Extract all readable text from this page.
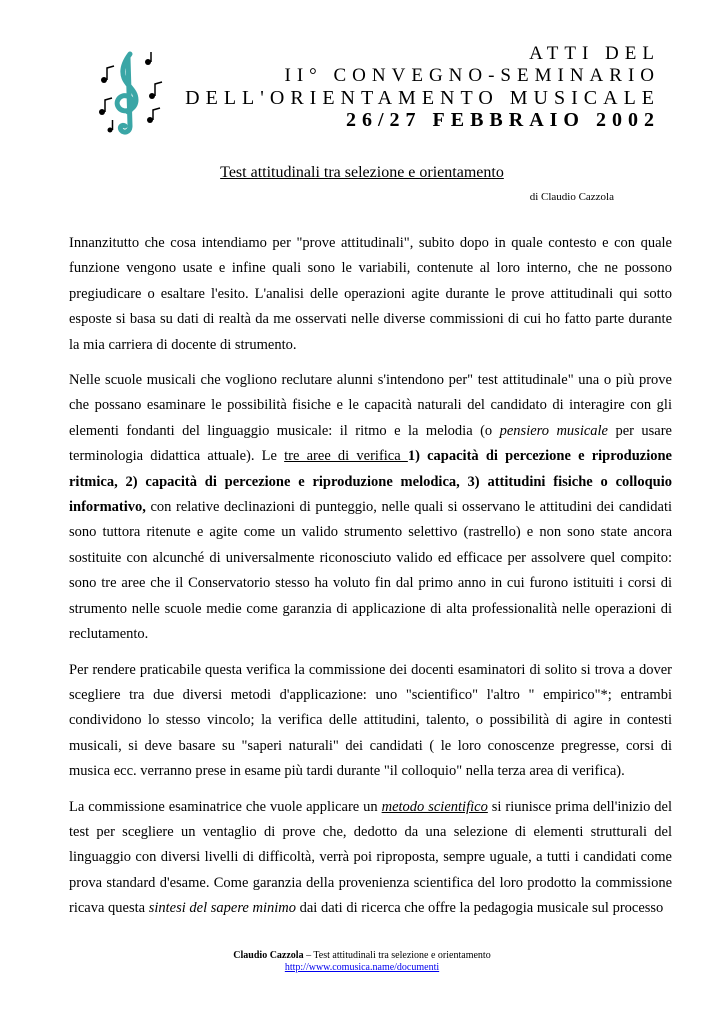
ATTI DEL
II° CONVEGNO-SEMINARIO
DELL'ORIENTAMENTO MUSICALE
26/27 FEBBRAIO 2002
Test attitudinali tra selezione e orientamento
di Claudio Cazzola

Innanzitutto che cosa intendiamo per "prove attitudinali", subito dopo in quale contesto e con quale funzione vengono usate e infine quali sono le variabili, contenute al loro interno, che ne possono pregiudicare o esaltare l'esito. L'analisi delle operazioni agite durante le prove attitudinali qui sotto esposte si basa su dati di realtà da me osservati nelle diverse commissioni di cui ho fatto parte durante la mia carriera di docente di strumento.

Nelle scuole musicali che vogliono reclutare alunni s'intendono per" test attitudinale" una o più prove che possano esaminare le possibilità fisiche e le capacità naturali del candidato di interagire con gli elementi fondanti del linguaggio musicale: il ritmo e la melodia (o pensiero musicale per usare terminologia didattica attuale). Le tre aree di verifica 1) capacità di percezione e riproduzione ritmica, 2) capacità di percezione e riproduzione melodica, 3) attitudini fisiche o colloquio informativo, con relative declinazioni di punteggio, nelle quali si osservano le attitudini dei candidati sono tuttora ritenute e agite come un valido strumento selettivo (rastrello) e non sono state ancora sostituite con alcunché di universalmente riconosciuto valido ed efficace per assolvere quel compito: sono tre aree che il Conservatorio stesso ha voluto fin dal primo anno in cui furono istituiti i corsi di strumento nelle scuole medie come garanzia di applicazione di alta professionalità nelle operazioni di reclutamento.

Per rendere praticabile questa verifica la commissione dei docenti esaminatori di solito si trova a dover scegliere tra due diversi metodi d'applicazione: uno "scientifico" l'altro " empirico"*; entrambi condividono lo stesso vincolo; la verifica delle attitudini, talento, o possibilità di agire in contesti musicali, si deve basare su "saperi naturali" dei candidati ( le loro conoscenze pregresse, corsi di musica ecc. verranno prese in esame più tardi durante "il colloquio" nella terza area di verifica).

La commissione esaminatrice che vuole applicare un metodo scientifico si riunisce prima dell'inizio del test per scegliere un ventaglio di prove che, dedotto da una selezione di elementi strutturali del linguaggio con diversi livelli di difficoltà, verrà poi riproposta, sempre uguale, a tutti i candidati come prova standard d'esame. Come garanzia della provenienza scientifica del loro prodotto la commissione ricava questa sintesi del sapere minimo dai dati di ricerca che offre la pedagogia musicale sul processo

Claudio Cazzola – Test attitudinali tra selezione e orientamento
http://www.comusica.name/documenti
